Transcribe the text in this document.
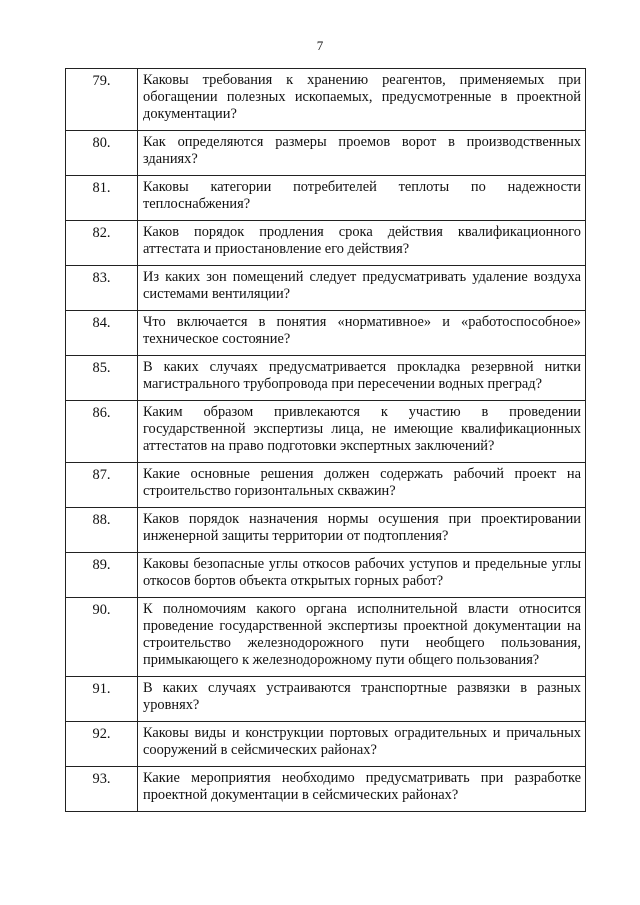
7
79.	Каковы требования к хранению реагентов, применяемых при обогащении полезных ископаемых, предусмотренные в проектной документации?
80.	Как определяются размеры проемов ворот в производственных зданиях?
81.	Каковы категории потребителей теплоты по надежности теплоснабжения?
82.	Каков порядок продления срока действия квалификационного аттестата и приостановление его действия?
83.	Из каких зон помещений следует предусматривать удаление воздуха системами вентиляции?
84.	Что включается в понятия «нормативное» и «работоспособное» техническое состояние?
85.	В каких случаях предусматривается прокладка резервной нитки магистрального трубопровода при пересечении водных преград?
86.	Каким образом привлекаются к участию в проведении государственной экспертизы лица, не имеющие квалификационных аттестатов на право подготовки экспертных заключений?
87.	Какие основные решения должен содержать рабочий проект на строительство горизонтальных скважин?
88.	Каков порядок назначения нормы осушения при проектировании инженерной защиты территории от подтопления?
89.	Каковы безопасные углы откосов рабочих уступов и предельные углы откосов бортов объекта открытых горных работ?
90.	К полномочиям какого органа исполнительной власти относится проведение государственной экспертизы проектной документации на строительство железнодорожного пути необщего пользования, примыкающего к железнодорожному пути общего пользования?
91.	В каких случаях устраиваются транспортные развязки в разных уровнях?
92.	Каковы виды и конструкции портовых оградительных и причальных сооружений в сейсмических районах?
93.	Какие мероприятия необходимо предусматривать при разработке проектной документации в сейсмических районах?
